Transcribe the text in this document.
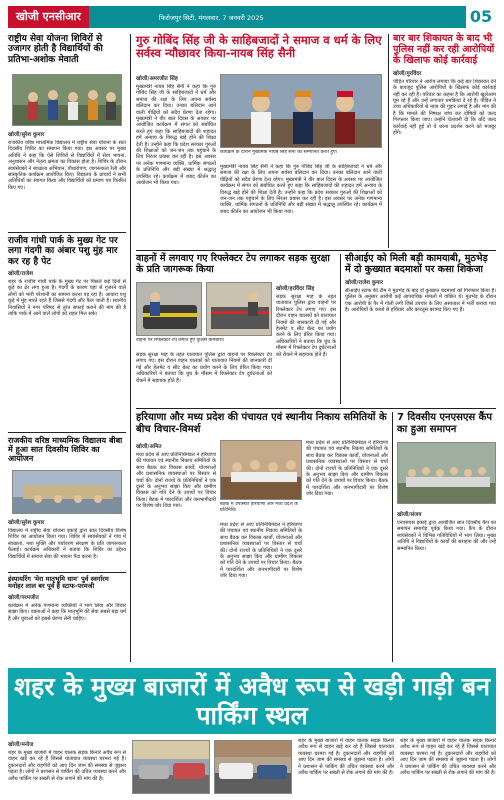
खोजी एनसीआर	फिरोजपुर सिटी, मंगलवार, 7 जनवरी 2025	05
राष्ट्रीय सेवा योजना शिविरों से उजागर होती है विद्यार्थियों की प्रतिभा-अशोक मेवाती
खोजी/सुरेश कुमार
राजकीय वरिष्ठ माध्यमिक विद्यालय में राष्ट्रीय सेवा योजना के सात दिवसीय शिविर का समापन किया गया। इस अवसर पर मुख्य अतिथि ने कहा कि ऐसे शिविरों से विद्यार्थियों में सेवा भावना, अनुशासन और नेतृत्व क्षमता का विकास होता है। शिविर के दौरान स्वयंसेवकों ने स्वच्छता अभियान, पौधारोपण, जागरूकता रैली और सांस्कृतिक कार्यक्रम आयोजित किए। विद्यालय के प्राचार्य ने सभी अतिथियों का स्वागत किया और विद्यार्थियों को प्रमाण पत्र वितरित किए गए।
राजीव गांधी पार्क के मुख्य गेट पर लगा गंदगी का अंबार पशु मुंह मार कर रह है पेट
खोजी/राजेश
शहर के राजीव गांधी पार्क के मुख्य गेट पर पिछले कई दिनों से कूड़े का ढेर लगा हुआ है। गंदगी के कारण यहां से गुजरने वाले लोगों को भारी परेशानी का सामना करना पड़ रहा है। आवारा पशु कूड़े में मुंह मारते रहते हैं जिससे गंदगी और फैल जाती है। स्थानीय निवासियों ने नगर परिषद से तुरंत सफाई कराने की मांग की है ताकि पार्क में आने वाले लोगों को राहत मिल सके।
राजकीय वरिष्ठ माध्यमिक विद्यालय बीबा में हुआ सात दिवसीय शिविर का आयोजन
खोजी/सुरेश कुमार
विद्यालय में राष्ट्रीय सेवा योजना इकाई द्वारा सात दिवसीय विशेष शिविर का आयोजन किया गया। शिविर में स्वयंसेवकों ने गांव में स्वच्छता, नशा मुक्ति और पर्यावरण संरक्षण के प्रति जागरूकता फैलाई। कार्यक्रम अधिकारी ने बताया कि शिविर का उद्देश्य विद्यार्थियों में समाज सेवा की भावना पैदा करना है।
इंस्पायरिंग 'मेरा मातृभूमि धाम' पुर्व स्वर्गारम मनोहर लाल बर पूर्व है स्टाफ-परमजी
खोजी/परमजीत
कार्यक्रम में अनेक गणमान्य व्यक्तियों ने भाग लिया और विचार साझा किए। वक्ताओं ने कहा कि मातृभूमि की सेवा सबसे बड़ा धर्म है और युवाओं को इससे प्रेरणा लेनी चाहिए।
गुरु गोबिंद सिंह जी के साहिबजादों ने समाज व धर्म के लिए सर्वस्व न्यौछावर किया-नायब सिंह सैनी
खोजी/अमरजीत सिंह
मुख्यमंत्री नायब सिंह सैनी ने कहा कि गुरु गोबिंद सिंह जी के साहिबजादों ने धर्म और समाज की रक्षा के लिए अपना सर्वस्व बलिदान कर दिया। उनका बलिदान आने वाली पीढ़ियों को सदैव प्रेरणा देता रहेगा। मुख्यमंत्री ने वीर बाल दिवस के अवसर पर आयोजित कार्यक्रम में संगत को संबोधित करते हुए कहा कि साहिबजादों की शहादत हमें अन्याय के विरुद्ध खड़े होने की शिक्षा देती है। उन्होंने कहा कि प्रदेश सरकार गुरुओं की शिक्षाओं को जन-जन तक पहुंचाने के लिए निरंतर प्रयास कर रही है। इस अवसर पर अनेक गणमान्य व्यक्ति, धार्मिक संगठनों के प्रतिनिधि और बड़ी संख्या में श्रद्धालु उपस्थित रहे। कार्यक्रम में शबद कीर्तन का आयोजन भी किया गया।
कार्यक्रम के दौरान मुख्यमंत्री नायब सिंह सैनी को सम्मानित करते हुए।
मुख्यमंत्री नायब सिंह सैनी ने कहा कि गुरु गोबिंद सिंह जी के साहिबजादों ने धर्म और समाज की रक्षा के लिए अपना सर्वस्व बलिदान कर दिया। उनका बलिदान आने वाली पीढ़ियों को सदैव प्रेरणा देता रहेगा। मुख्यमंत्री ने वीर बाल दिवस के अवसर पर आयोजित कार्यक्रम में संगत को संबोधित करते हुए कहा कि साहिबजादों की शहादत हमें अन्याय के विरुद्ध खड़े होने की शिक्षा देती है। उन्होंने कहा कि प्रदेश सरकार गुरुओं की शिक्षाओं को जन-जन तक पहुंचाने के लिए निरंतर प्रयास कर रही है। इस अवसर पर अनेक गणमान्य व्यक्ति, धार्मिक संगठनों के प्रतिनिधि और बड़ी संख्या में श्रद्धालु उपस्थित रहे। कार्यक्रम में शबद कीर्तन का आयोजन भी किया गया।
बार बार शिकायत के बाद भी पुलिस नहीं कर रही आरोपियों के खिलाफ कोई कार्रवाई
खोजी/गुरविंदर
पीड़ित परिवार ने आरोप लगाया कि कई बार शिकायत देने के बावजूद पुलिस आरोपियों के खिलाफ कोई कार्रवाई नहीं कर रही है। परिवार का कहना है कि आरोपी खुलेआम घूम रहे हैं और उन्हें लगातार धमकियां दे रहे हैं। पीड़ित ने उच्च अधिकारियों से न्याय की गुहार लगाई है और मांग की है कि मामले की निष्पक्ष जांच कर दोषियों को जल्द गिरफ्तार किया जाए। उन्होंने चेतावनी दी कि यदि जल्द कार्रवाई नहीं हुई तो वे धरना प्रदर्शन करने को मजबूर होंगे।
वाहनों में लगवाए गए रिफ्लेक्टर टेप लगाकर सड़क सुरक्षा के प्रति जागरूक किया
वाहनों पर रिफ्लेक्टर टेप लगाते हुए पुलिस कर्मचारी।
खोजी/हरविंदर सिंह
सड़क सुरक्षा माह के तहत यातायात पुलिस द्वारा वाहनों पर रिफ्लेक्टर टेप लगाए गए। इस दौरान वाहन चालकों को यातायात नियमों की जानकारी दी गई और हेलमेट व सीट बेल्ट का प्रयोग करने के लिए प्रेरित किया गया। अधिकारियों ने बताया कि धुंध के मौसम में रिफ्लेक्टर टेप दुर्घटनाओं को रोकने में सहायक होते हैं।
सड़क सुरक्षा माह के तहत यातायात पुलिस द्वारा वाहनों पर रिफ्लेक्टर टेप लगाए गए। इस दौरान वाहन चालकों को यातायात नियमों की जानकारी दी गई और हेलमेट व सीट बेल्ट का प्रयोग करने के लिए प्रेरित किया गया। अधिकारियों ने बताया कि धुंध के मौसम में रिफ्लेक्टर टेप दुर्घटनाओं को रोकने में सहायक होते हैं।
सीआईए को मिली बड़ी कामयाबी, मुठभेड़ में दो कुख्यात बदमाशों पर कसा शिकंजा
खोजी/राजेश कुमार
सीआईए स्टाफ की टीम ने मुठभेड़ के बाद दो कुख्यात बदमाशों को गिरफ्तार किया है। पुलिस के अनुसार आरोपी कई आपराधिक मामलों में वांछित थे। मुठभेड़ के दौरान एक आरोपी के पैर में गोली लगी जिसे उपचार के लिए अस्पताल में भर्ती कराया गया है। आरोपियों के कब्जे से हथियार और कारतूस बरामद किए गए हैं।
हरियाणा और मध्य प्रदेश की पंचायत एवं स्थानीय निकाय समितियों के बीच विचार-विमर्श
खोजी/अमित
मध्य प्रदेश से आए प्रतिनिधिमंडल ने हरियाणा की पंचायत एवं स्थानीय निकाय समितियों के साथ बैठक कर विकास कार्यों, योजनाओं और प्रशासनिक व्यवस्थाओं पर विस्तार से चर्चा की। दोनों राज्यों के प्रतिनिधियों ने एक दूसरे के अनुभव साझा किए और ग्रामीण विकास को गति देने के उपायों पर विचार किया। बैठक में पारदर्शिता और जनभागीदारी पर विशेष जोर दिया गया।	बैठक में उपस्थित हरियाणा और मध्य प्रदेश के प्रतिनिधि।
मध्य प्रदेश से आए प्रतिनिधिमंडल ने हरियाणा की पंचायत एवं स्थानीय निकाय समितियों के साथ बैठक कर विकास कार्यों, योजनाओं और प्रशासनिक व्यवस्थाओं पर विस्तार से चर्चा की। दोनों राज्यों के प्रतिनिधियों ने एक दूसरे के अनुभव साझा किए और ग्रामीण विकास को गति देने के उपायों पर विचार किया। बैठक में पारदर्शिता और जनभागीदारी पर विशेष जोर दिया गया।
मध्य प्रदेश से आए प्रतिनिधिमंडल ने हरियाणा की पंचायत एवं स्थानीय निकाय समितियों के साथ बैठक कर विकास कार्यों, योजनाओं और प्रशासनिक व्यवस्थाओं पर विस्तार से चर्चा की। दोनों राज्यों के प्रतिनिधियों ने एक दूसरे के अनुभव साझा किए और ग्रामीण विकास को गति देने के उपायों पर विचार किया। बैठक में पारदर्शिता और जनभागीदारी पर विशेष जोर दिया गया।
7 दिवसीय एनएसएस कैंप का हुआ समापन
खोजी/संजय
एनएसएस इकाई द्वारा आयोजित सात दिवसीय कैंप का समापन समारोह पूर्वक किया गया। कैंप के दौरान स्वयंसेवकों ने विभिन्न गतिविधियों में भाग लिया। मुख्य अतिथि ने विद्यार्थियों के कार्यों की सराहना की और उन्हें सम्मानित किया।
शहर के मुख्य बाजारों में अवैध रूप से खड़ी गाड़ी बन पार्किंग स्थल
खोजी/मनोज
शहर के मुख्य बाजारों में वाहन चालक सड़क किनारे अवैध रूप से वाहन खड़े कर रहे हैं जिससे यातायात व्यवस्था चरमरा गई है। दुकानदारों और राहगीरों को आए दिन जाम की समस्या से जूझना पड़ता है। लोगों ने प्रशासन से पार्किंग की उचित व्यवस्था करने और अवैध पार्किंग पर सख्ती से रोक लगाने की मांग की है।
शहर के मुख्य बाजारों में वाहन चालक सड़क किनारे अवैध रूप से वाहन खड़े कर रहे हैं जिससे यातायात व्यवस्था चरमरा गई है। दुकानदारों और राहगीरों को आए दिन जाम की समस्या से जूझना पड़ता है। लोगों ने प्रशासन से पार्किंग की उचित व्यवस्था करने और अवैध पार्किंग पर सख्ती से रोक लगाने की मांग की है।
शहर के मुख्य बाजारों में वाहन चालक सड़क किनारे अवैध रूप से वाहन खड़े कर रहे हैं जिससे यातायात व्यवस्था चरमरा गई है। दुकानदारों और राहगीरों को आए दिन जाम की समस्या से जूझना पड़ता है। लोगों ने प्रशासन से पार्किंग की उचित व्यवस्था करने और अवैध पार्किंग पर सख्ती से रोक लगाने की मांग की है।
